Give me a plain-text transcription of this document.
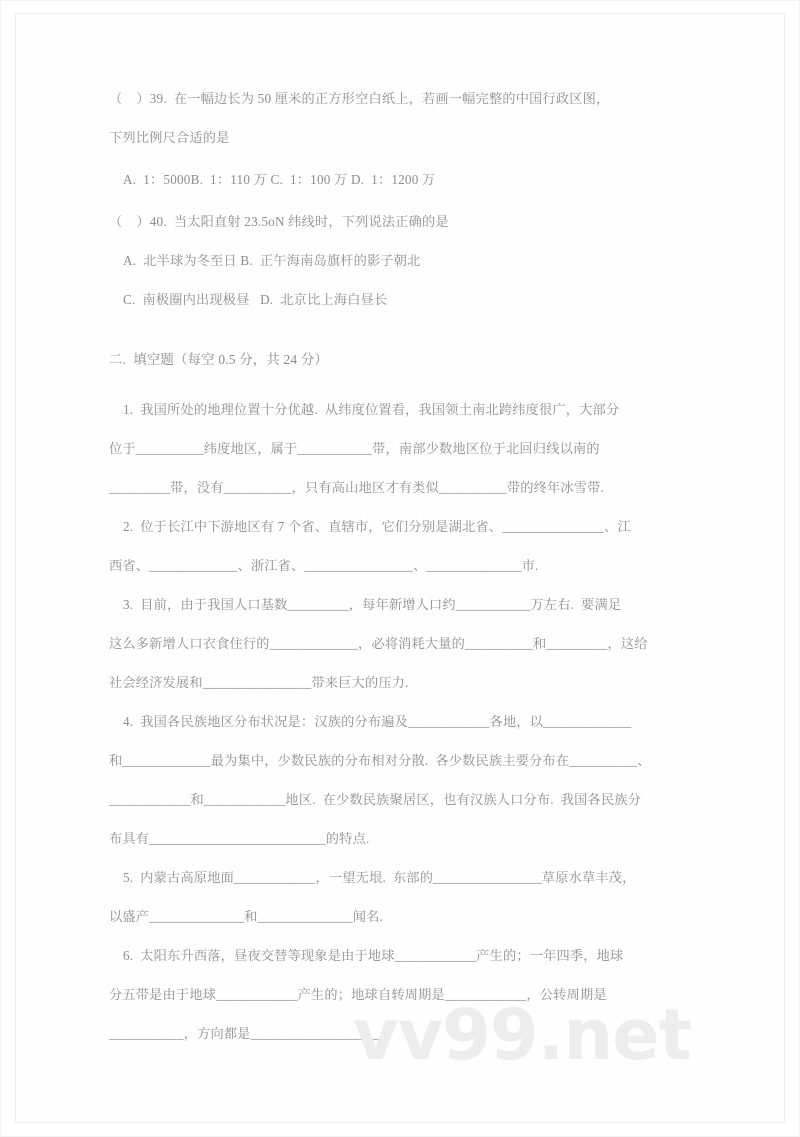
（    ）39.  在一幅边长为 50 厘米的正方形空白纸上，若画一幅完整的中国行政区图，
下列比例尺合适的是
A.  1：5000B.  1：110 万 C.  1：100 万 D.  1：1200 万
（    ）40.  当太阳直射 23.5oN 纬线时，下列说法正确的是
A.  北半球为冬至日 B.  正午海南岛旗杆的影子朝北
C.  南极圈内出现极昼   D.  北京比上海白昼长
二.  填空题（每空 0.5 分，共 24 分）
1.  我国所处的地理位置十分优越.  从纬度位置看，我国领土南北跨纬度很广，大部分
位于__________纬度地区，属于___________带，南部少数地区位于北回归线以南的
_________带，没有__________，只有高山地区才有类似__________带的终年冰雪带.
2.  位于长江中下游地区有 7 个省、直辖市，它们分别是湖北省、_______________、江
西省、_____________、浙江省、________________、______________市.
3.  目前，由于我国人口基数_________，每年新增人口约___________万左右.  要满足
这么多新增人口衣食住行的_____________，必将消耗大量的__________和_________，这给
社会经济发展和________________带来巨大的压力.
4.  我国各民族地区分布状况是：汉族的分布遍及____________各地，以_____________
和_____________最为集中，少数民族的分布相对分散.  各少数民族主要分布在__________、
____________和____________地区.  在少数民族聚居区，也有汉族人口分布.  我国各民族分
布具有__________________________的特点.
5.  内蒙古高原地面____________，一望无垠.  东部的________________草原水草丰茂，
以盛产______________和______________闻名.
6.  太阳东升西落，昼夜交替等现象是由于地球____________产生的；一年四季，地球
分五带是由于地球____________产生的；地球自转周期是____________，公转周期是
___________，方向都是____________________.
vv99.net
